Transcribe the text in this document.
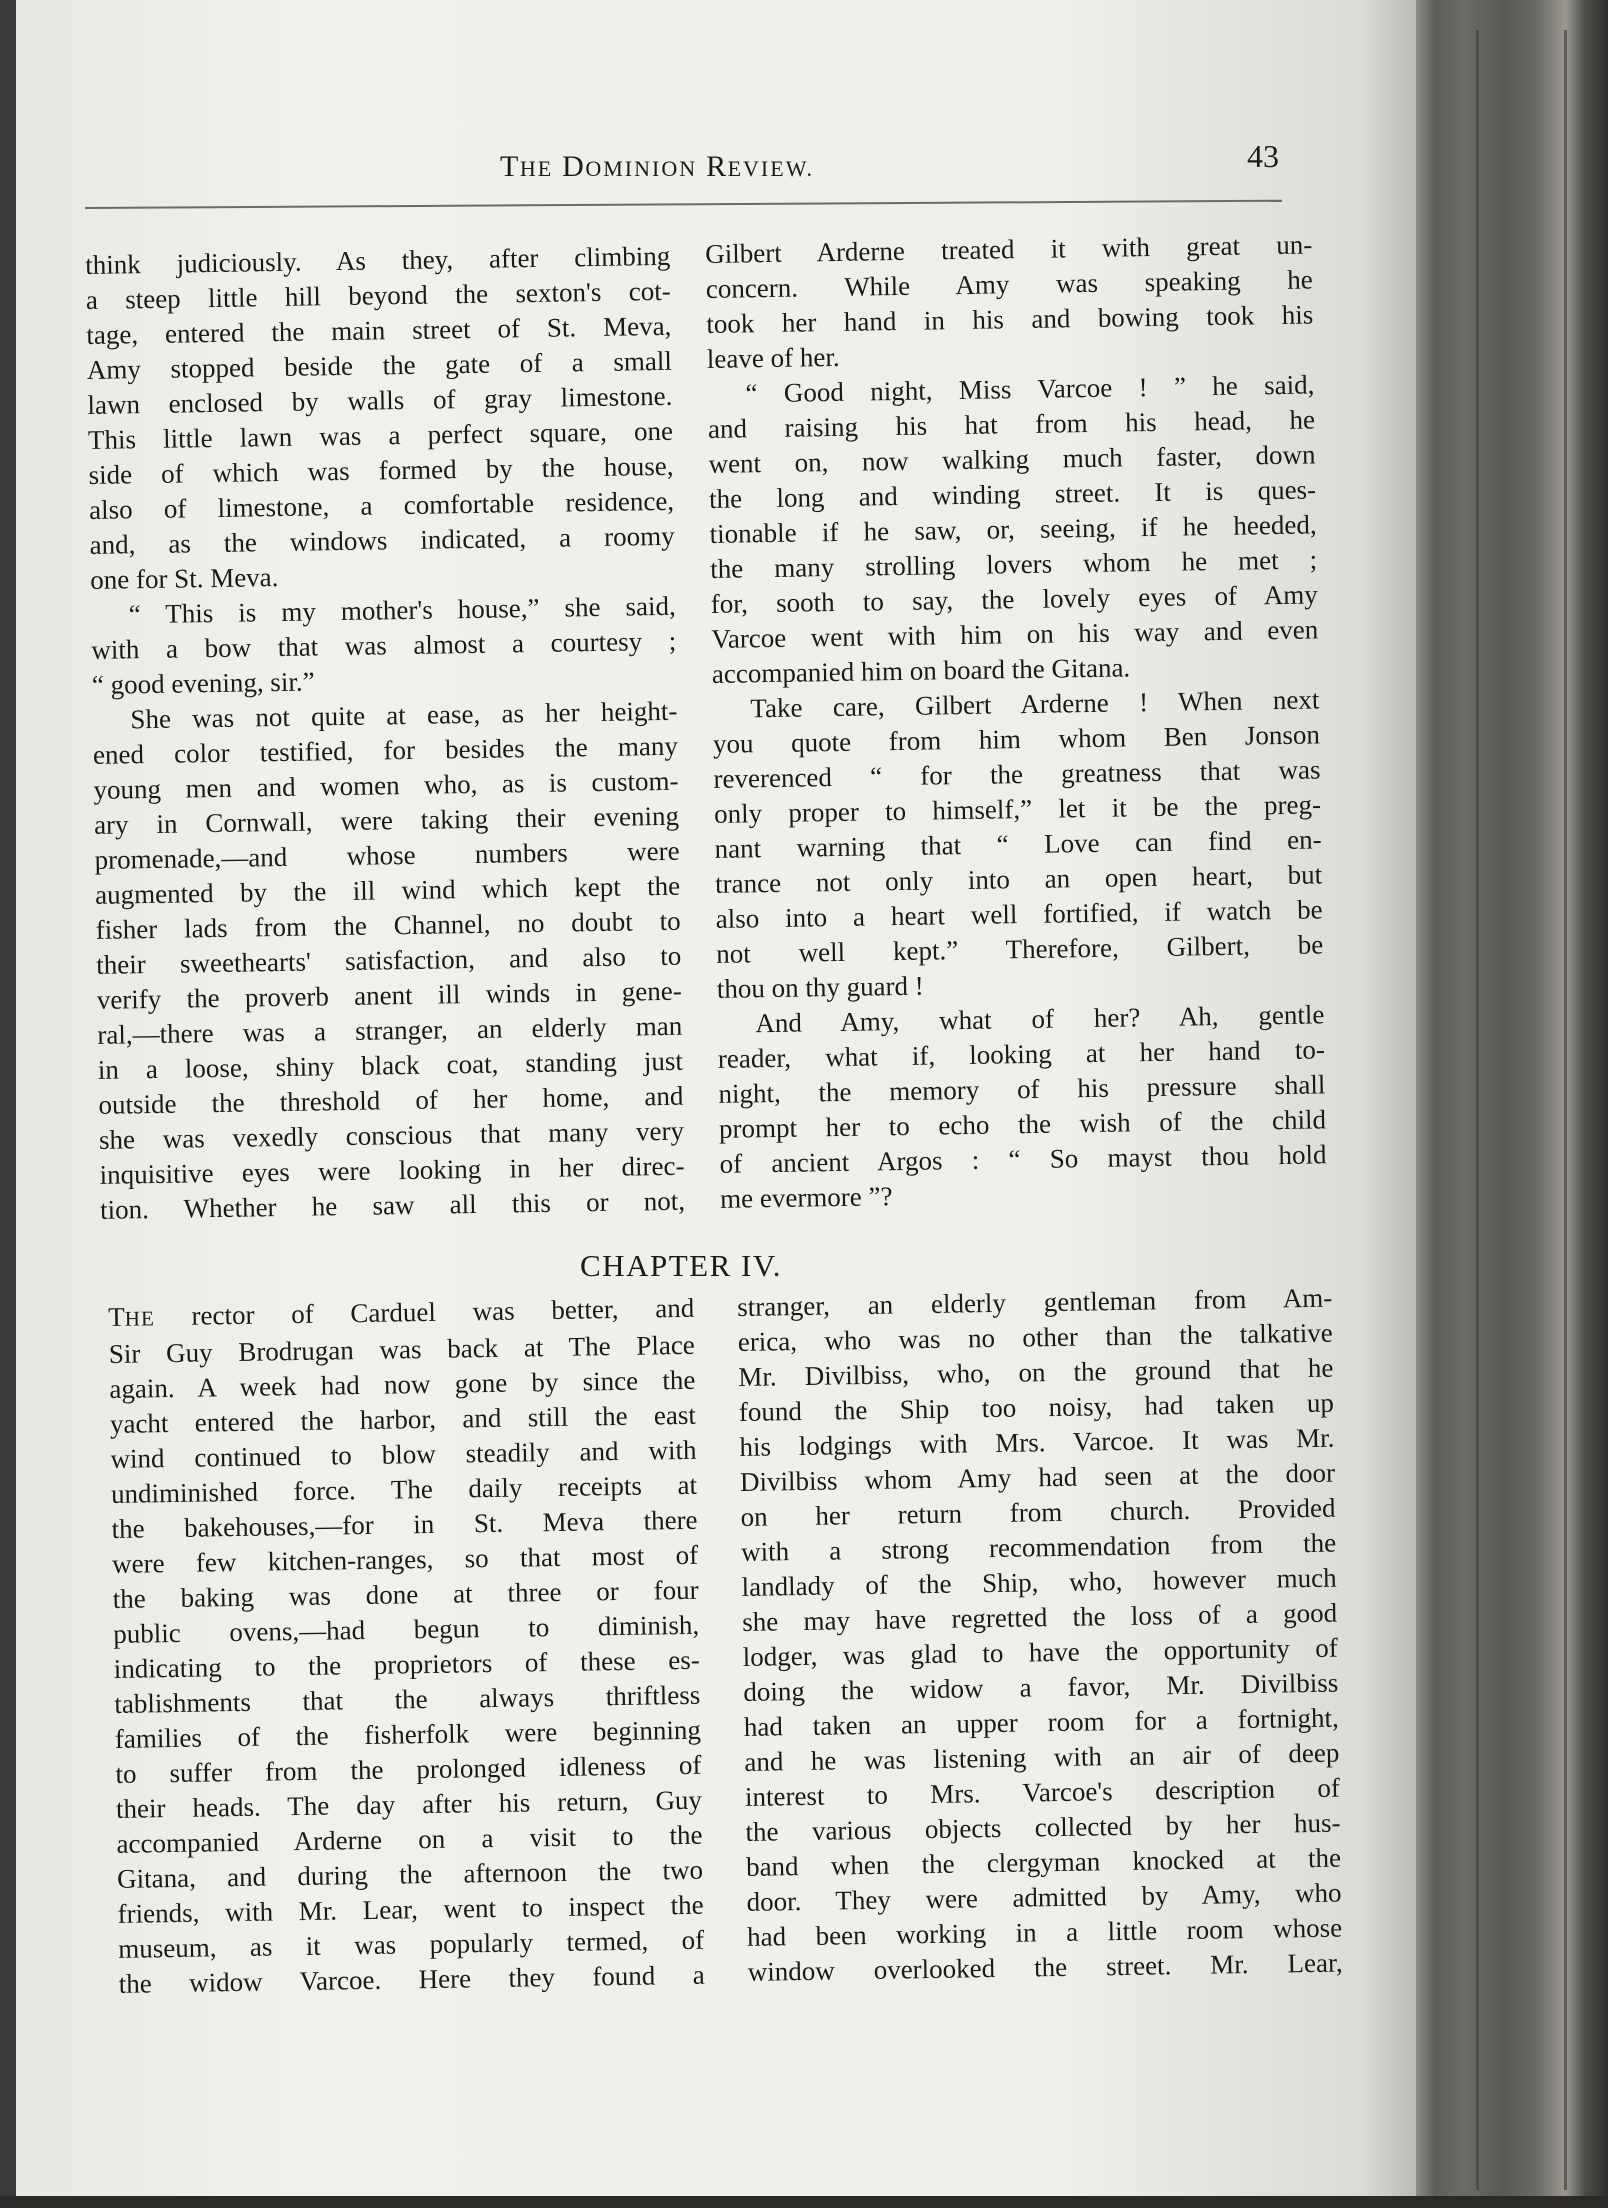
THE DOMINION REVIEW.	43
think judiciously. As they, after climbing
a steep little hill beyond the sexton's cot-
tage, entered the main street of St. Meva,
Amy stopped beside the gate of a small
lawn enclosed by walls of gray limestone.
This little lawn was a perfect square, one
side of which was formed by the house,
also of limestone, a comfortable residence,
and, as the windows indicated, a roomy
one for St. Meva.
“ This is my mother's house,” she said,
with a bow that was almost a courtesy ;
“ good evening, sir.”
She was not quite at ease, as her height-
ened color testified, for besides the many
young men and women who, as is custom-
ary in Cornwall, were taking their evening
promenade,—and whose numbers were
augmented by the ill wind which kept the
fisher lads from the Channel, no doubt to
their sweethearts' satisfaction, and also to
verify the proverb anent ill winds in gene-
ral,—there was a stranger, an elderly man
in a loose, shiny black coat, standing just
outside the threshold of her home, and
she was vexedly conscious that many very
inquisitive eyes were looking in her direc-
tion. Whether he saw all this or not,
Gilbert Arderne treated it with great un-
concern. While Amy was speaking he
took her hand in his and bowing took his
leave of her.
“ Good night, Miss Varcoe ! ” he said,
and raising his hat from his head, he
went on, now walking much faster, down
the long and winding street. It is ques-
tionable if he saw, or, seeing, if he heeded,
the many strolling lovers whom he met ;
for, sooth to say, the lovely eyes of Amy
Varcoe went with him on his way and even
accompanied him on board the Gitana.
Take care, Gilbert Arderne ! When next
you quote from him whom Ben Jonson
reverenced “ for the greatness that was
only proper to himself,” let it be the preg-
nant warning that “ Love can find en-
trance not only into an open heart, but
also into a heart well fortified, if watch be
not well kept.” Therefore, Gilbert, be
thou on thy guard !
And Amy, what of her? Ah, gentle
reader, what if, looking at her hand to-
night, the memory of his pressure shall
prompt her to echo the wish of the child
of ancient Argos : “ So mayst thou hold
me evermore ”?
CHAPTER IV.
THE rector of Carduel was better, and
Sir Guy Brodrugan was back at The Place
again. A week had now gone by since the
yacht entered the harbor, and still the east
wind continued to blow steadily and with
undiminished force. The daily receipts at
the bakehouses,—for in St. Meva there
were few kitchen-ranges, so that most of
the baking was done at three or four
public ovens,—had begun to diminish,
indicating to the proprietors of these es-
tablishments that the always thriftless
families of the fisherfolk were beginning
to suffer from the prolonged idleness of
their heads. The day after his return, Guy
accompanied Arderne on a visit to the
Gitana, and during the afternoon the two
friends, with Mr. Lear, went to inspect the
museum, as it was popularly termed, of
the widow Varcoe. Here they found a
stranger, an elderly gentleman from Am-
erica, who was no other than the talkative
Mr. Divilbiss, who, on the ground that he
found the Ship too noisy, had taken up
his lodgings with Mrs. Varcoe. It was Mr.
Divilbiss whom Amy had seen at the door
on her return from church. Provided
with a strong recommendation from the
landlady of the Ship, who, however much
she may have regretted the loss of a good
lodger, was glad to have the opportunity of
doing the widow a favor, Mr. Divilbiss
had taken an upper room for a fortnight,
and he was listening with an air of deep
interest to Mrs. Varcoe's description of
the various objects collected by her hus-
band when the clergyman knocked at the
door. They were admitted by Amy, who
had been working in a little room whose
window overlooked the street. Mr. Lear,
